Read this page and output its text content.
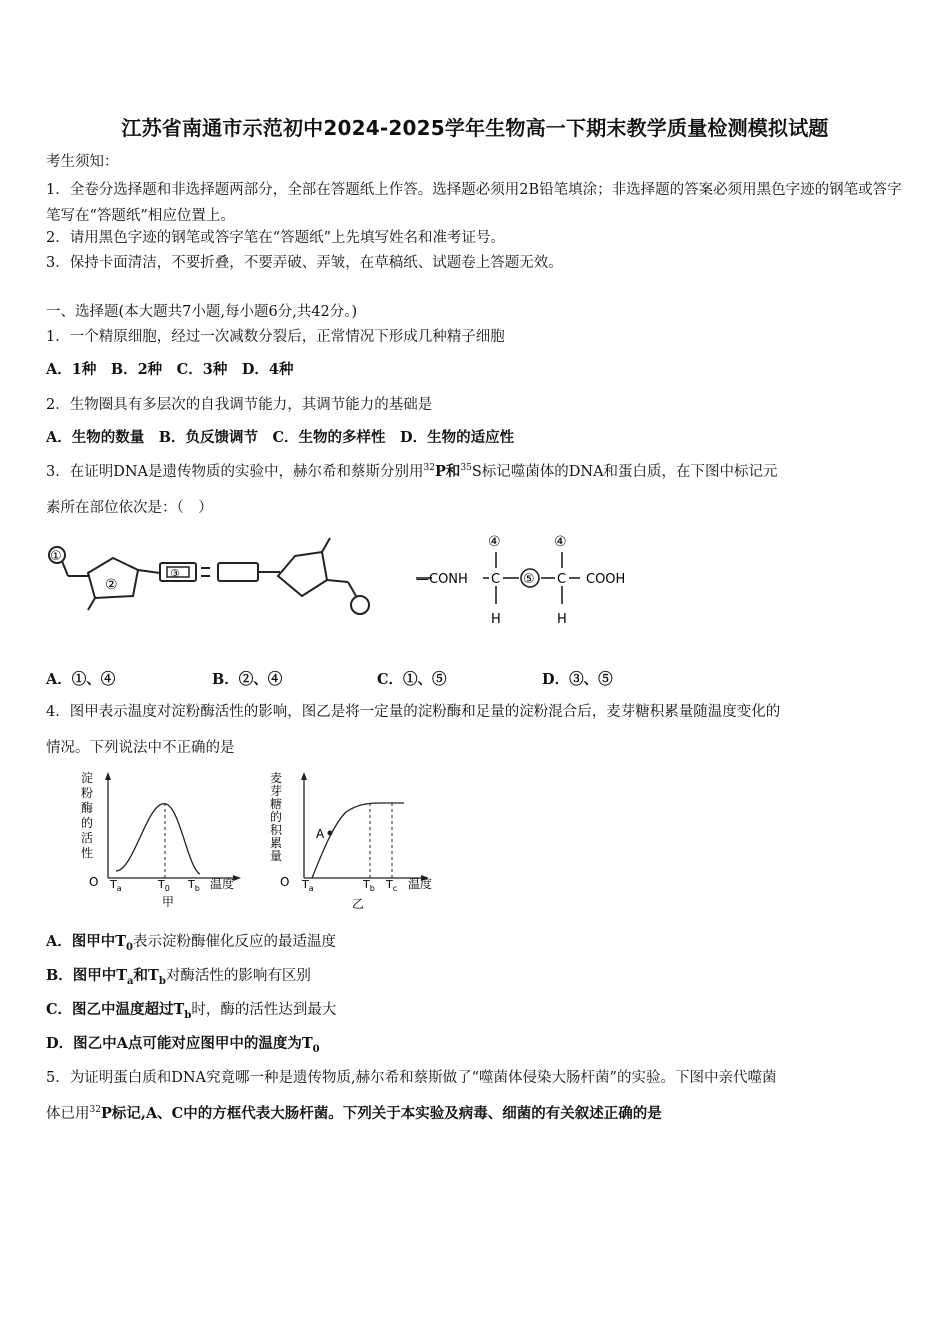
江苏省南通市示范初中2024-2025学年生物高一下期末教学质量检测模拟试题
考生须知：
1．全卷分选择题和非选择题两部分，全部在答题纸上作答。选择题必须用2B铅笔填涂；非选择题的答案必须用黑色字迹的钢笔或答字笔写在“答题纸”相应位置上。
2．请用黑色字迹的钢笔或答字笔在“答题纸”上先填写姓名和准考证号。
3．保持卡面清洁，不要折叠，不要弄破、弄皱，在草稿纸、试题卷上答题无效。
一、选择题(本大题共7小题,每小题6分,共42分。)
1．一个精原细胞，经过一次减数分裂后，正常情况下形成几种精子细胞
A．1种　B．2种　C．3种　D．4种
2．生物圈具有多层次的自我调节能力，其调节能力的基础是
A．生物的数量　B．负反馈调节　C．生物的多样性　D．生物的适应性
3．在证明DNA是遗传物质的实验中，赫尔希和蔡斯分别用$^{32}$P和$^{35}$S标记噬菌体的DNA和蛋白质，在下图中标记元
素所在部位依次是：（　）
①
②
③	—CONH C	C COOH
⑤
④	④
H	H
A．①、④	B．②、④	C．①、⑤	D．③、⑤
4．图甲表示温度对淀粉酶活性的影响，图乙是将一定量的淀粉酶和足量的淀粉混合后，麦芽糖积累量随温度变化的
情况。下列说法中不正确的是
淀
粉
酶
的
活
性
麦
芽
糖
的
积
累
量
O	O
$T_a$	$T_0$ $T_b$ 温度	$T_a$	$T_b$ $T_c$ 温度
甲	乙
A
A．图甲中$T_0$表示淀粉酶催化反应的最适温度
B．图甲中$T_a$和$T_b$对酶活性的影响有区别
C．图乙中温度超过$T_b$时，酶的活性达到最大
D．图乙中A点可能对应图甲中的温度为$T_0$
5．为证明蛋白质和DNA究竟哪一种是遗传物质,赫尔希和蔡斯做了“噬菌体侵染大肠杆菌”的实验。下图中亲代噬菌
体已用$^{32}$P标记,A、C中的方框代表大肠杆菌。下列关于本实验及病毒、细菌的有关叙述正确的是
